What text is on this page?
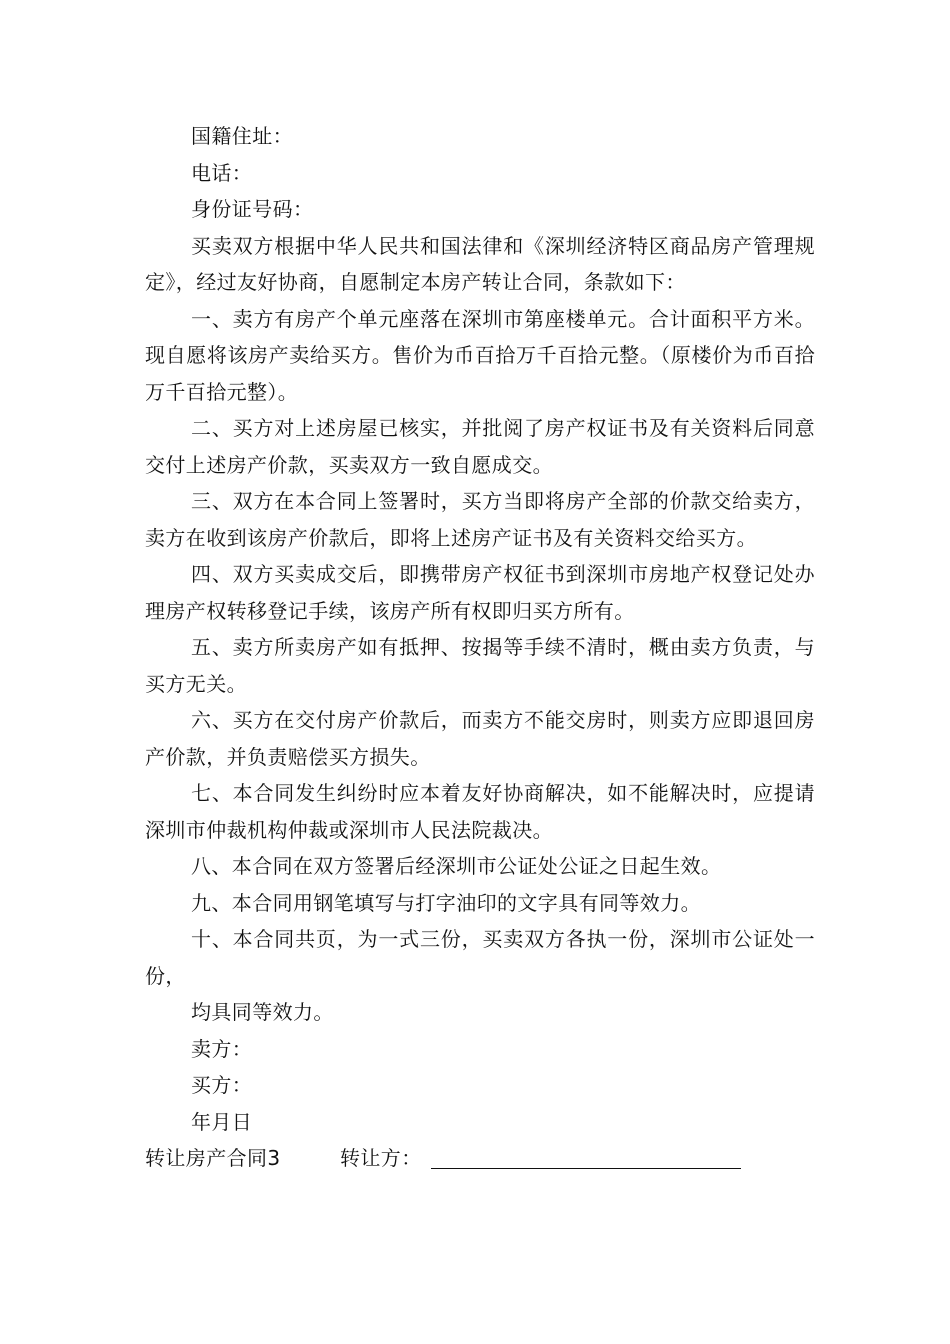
国籍住址：

电话：

身份证号码：

买卖双方根据中华人民共和国法律和《深圳经济特区商品房产管理规定》，经过友好协商，自愿制定本房产转让合同，条款如下：

一、卖方有房产个单元座落在深圳市第座楼单元。合计面积平方米。现自愿将该房产卖给买方。售价为币百拾万千百拾元整。（原楼价为币百拾万千百拾元整）。

二、买方对上述房屋已核实，并批阅了房产权证书及有关资料后同意交付上述房产价款，买卖双方一致自愿成交。

三、双方在本合同上签署时，买方当即将房产全部的价款交给卖方，卖方在收到该房产价款后，即将上述房产证书及有关资料交给买方。

四、双方买卖成交后，即携带房产权征书到深圳市房地产权登记处办理房产权转移登记手续，该房产所有权即归买方所有。

五、卖方所卖房产如有抵押、按揭等手续不清时，概由卖方负责，与买方无关。

六、买方在交付房产价款后，而卖方不能交房时，则卖方应即退回房产价款，并负责赔偿买方损失。

七、本合同发生纠纷时应本着友好协商解决，如不能解决时，应提请深圳市仲裁机构仲裁或深圳市人民法院裁决。

八、本合同在双方签署后经深圳市公证处公证之日起生效。

九、本合同用钢笔填写与打字油印的文字具有同等效力。

十、本合同共页，为一式三份，买卖双方各执一份，深圳市公证处一份，

均具同等效力。

卖方：

买方：

年月日

转让房产合同3	转让方：
